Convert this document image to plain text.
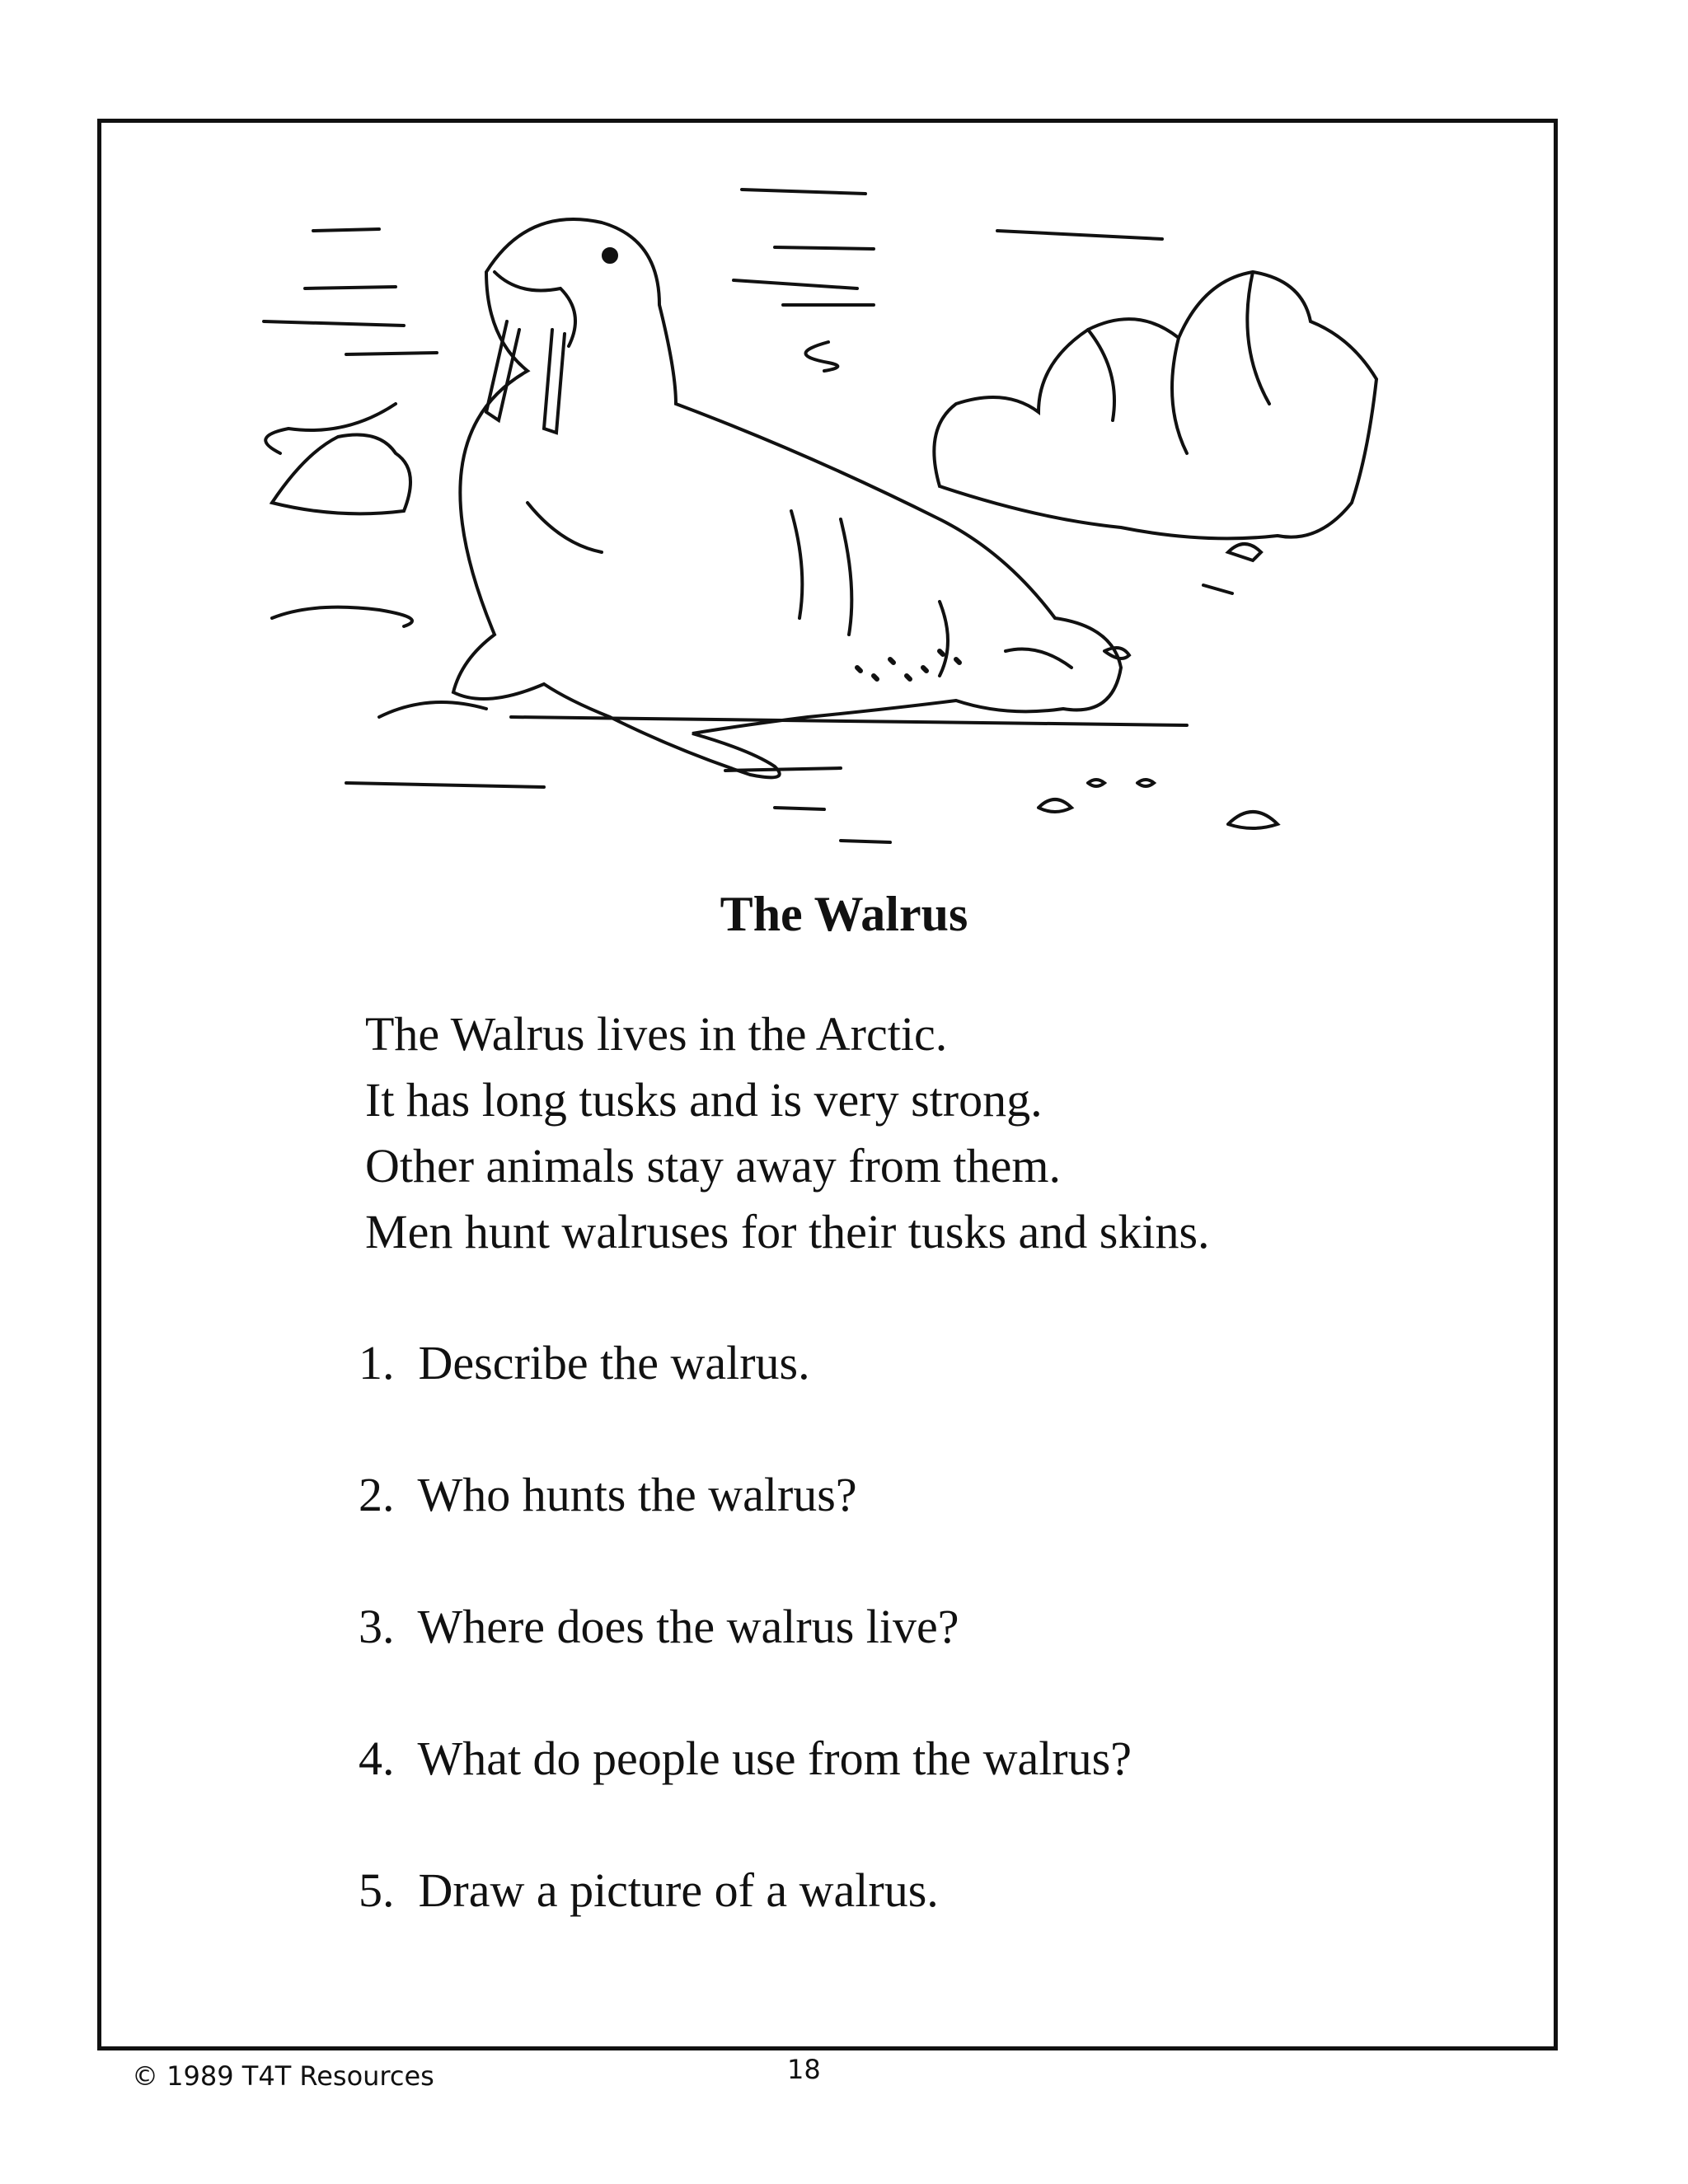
The Walrus
The Walrus lives in the Arctic.
It has long tusks and is very strong.
Other animals stay away from them.
Men hunt walruses for their tusks and skins.
1.  Describe the walrus.
2.  Who hunts the walrus?
3.  Where does the walrus live?
4.  What do people use from the walrus?
5.  Draw a picture of a walrus.
© 1989 T4T Resources	18
